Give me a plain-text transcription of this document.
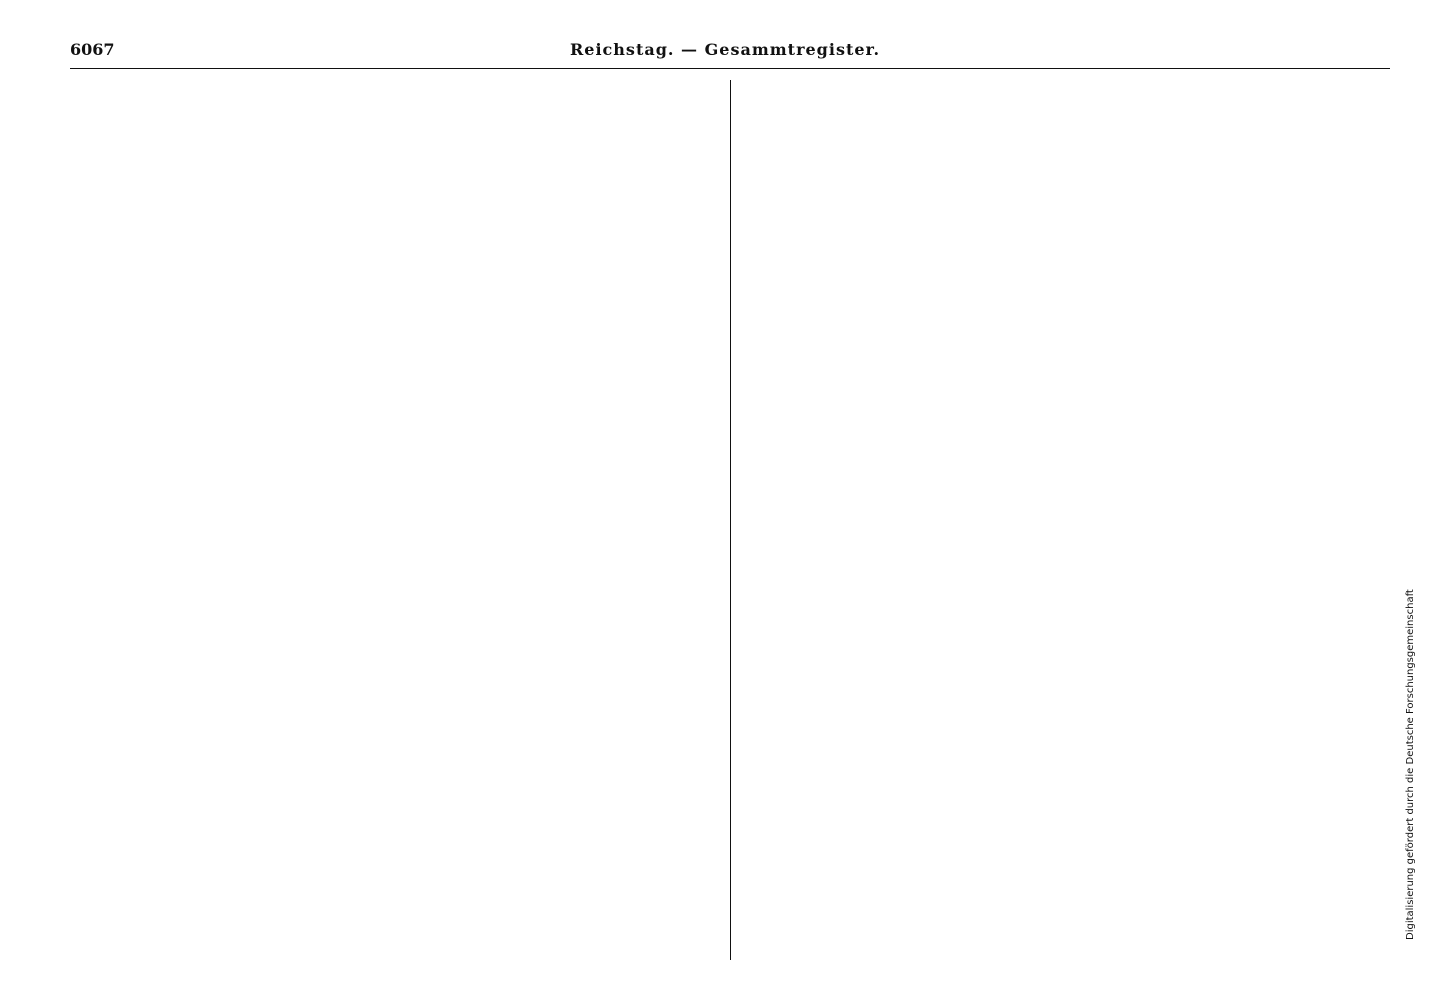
6067	Reichstag. — Gesammtregister.
Digitalisierung gefördert durch die Deutsche Forschungsgemeinschaft
